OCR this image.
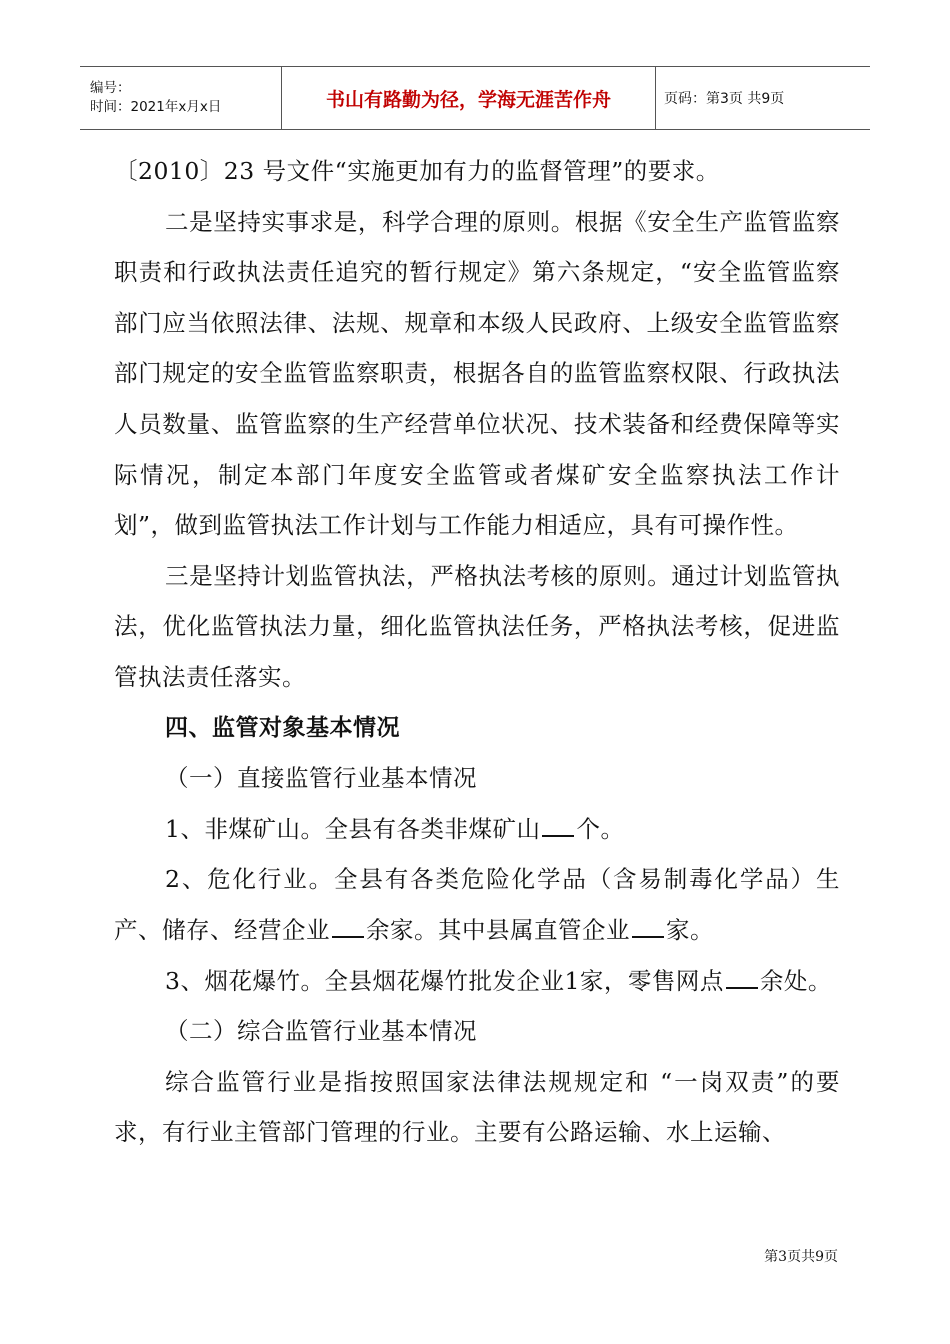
编号：
时间：2021年x月x日	书山有路勤为径，学海无涯苦作舟	页码：第3页 共9页

〔2010〕23 号文件“实施更加有力的监督管理”的要求。

二是坚持实事求是，科学合理的原则。根据《安全生产监管监察职责和行政执法责任追究的暂行规定》第六条规定，“安全监管监察部门应当依照法律、法规、规章和本级人民政府、上级安全监管监察部门规定的安全监管监察职责，根据各自的监管监察权限、行政执法人员数量、监管监察的生产经营单位状况、技术装备和经费保障等实际情况，制定本部门年度安全监管或者煤矿安全监察执法工作计划”，做到监管执法工作计划与工作能力相适应，具有可操作性。

三是坚持计划监管执法，严格执法考核的原则。通过计划监管执法，优化监管执法力量，细化监管执法任务，严格执法考核，促进监管执法责任落实。

四、监管对象基本情况

（一）直接监管行业基本情况

1、非煤矿山。全县有各类非煤矿山 个。

2、危化行业。全县有各类危险化学品（含易制毒化学品）生产、储存、经营企业 余家。其中县属直管企业 家。

3、烟花爆竹。全县烟花爆竹批发企业1家，零售网点 余处。

（二）综合监管行业基本情况

综合监管行业是指按照国家法律法规规定和 “一岗双责”的要求，有行业主管部门管理的行业。主要有公路运输、水上运输、

第3页共9页
